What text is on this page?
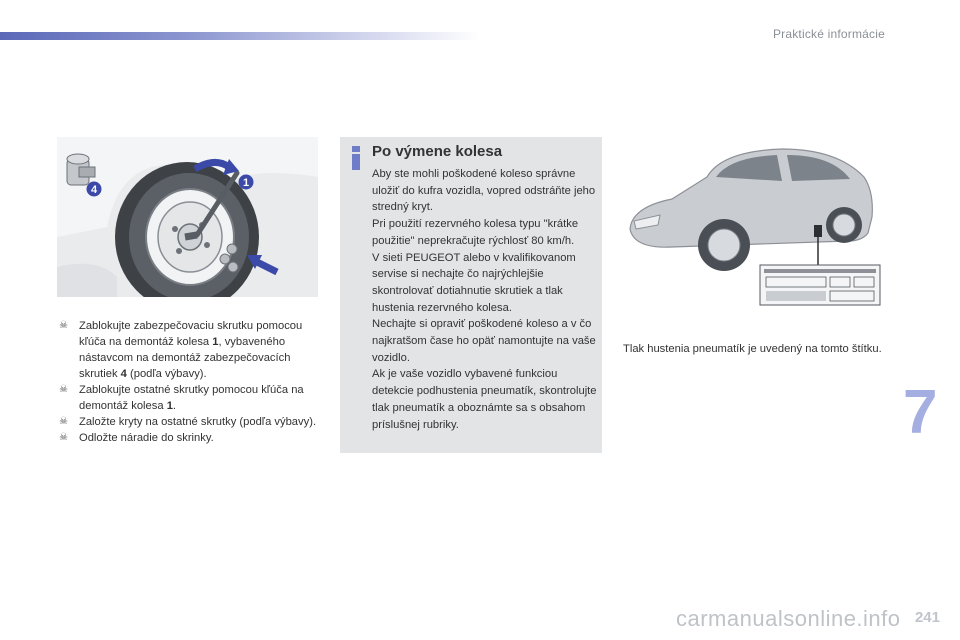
Praktické informácie
4
1

☠ Zablokujte zabezpečovaciu skrutku pomocou kľúča na demontáž kolesa 1, vybaveného nástavcom na demontáž zabezpečovacích skrutiek 4 (podľa výbavy).

☠ Zablokujte ostatné skrutky pomocou kľúča na demontáž kolesa 1.

☠ Založte kryty na ostatné skrutky (podľa výbavy).

☠ Odložte náradie do skrinky.

Po výmene kolesa

Aby ste mohli poškodené koleso správne uložiť do kufra vozidla, vopred odstráňte jeho stredný kryt.

Pri použití rezervného kolesa typu "krátke použitie" neprekračujte rýchlosť 80 km/h.

V sieti PEUGEOT alebo v kvalifikovanom servise si nechajte čo najrýchlejšie skontrolovať dotiahnutie skrutiek a tlak hustenia rezervného kolesa.

Nechajte si opraviť poškodené koleso a v čo najkratšom čase ho opäť namontujte na vaše vozidlo.

Ak je vaše vozidlo vybavené funkciou detekcie podhustenia pneumatík, skontrolujte tlak pneumatík a oboznámte sa s obsahom príslušnej rubriky.

Tlak hustenia pneumatík je uvedený na tomto štítku.
7
carmanualsonline.info 241
